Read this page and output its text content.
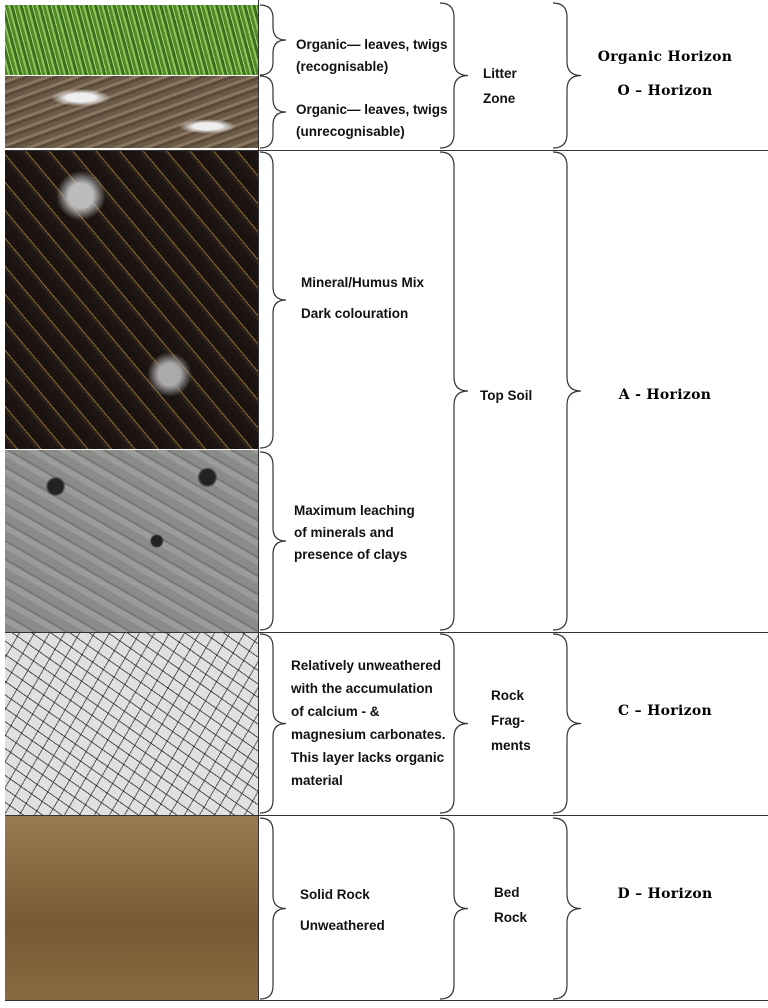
Organic— leaves, twigs
(recognisable)
Organic— leaves, twigs
(unrecognisable)
Mineral/Humus Mix
Dark colouration
Maximum leaching
of minerals and
presence of clays
Relatively unweathered
with the accumulation
of calcium - &
magnesium carbonates.
This layer lacks organic
material
Solid Rock
Unweathered
Litter
Zone
Top Soil
Rock
Frag-
ments
Bed
Rock
Organic Horizon
O – Horizon
A - Horizon
C – Horizon
D – Horizon
